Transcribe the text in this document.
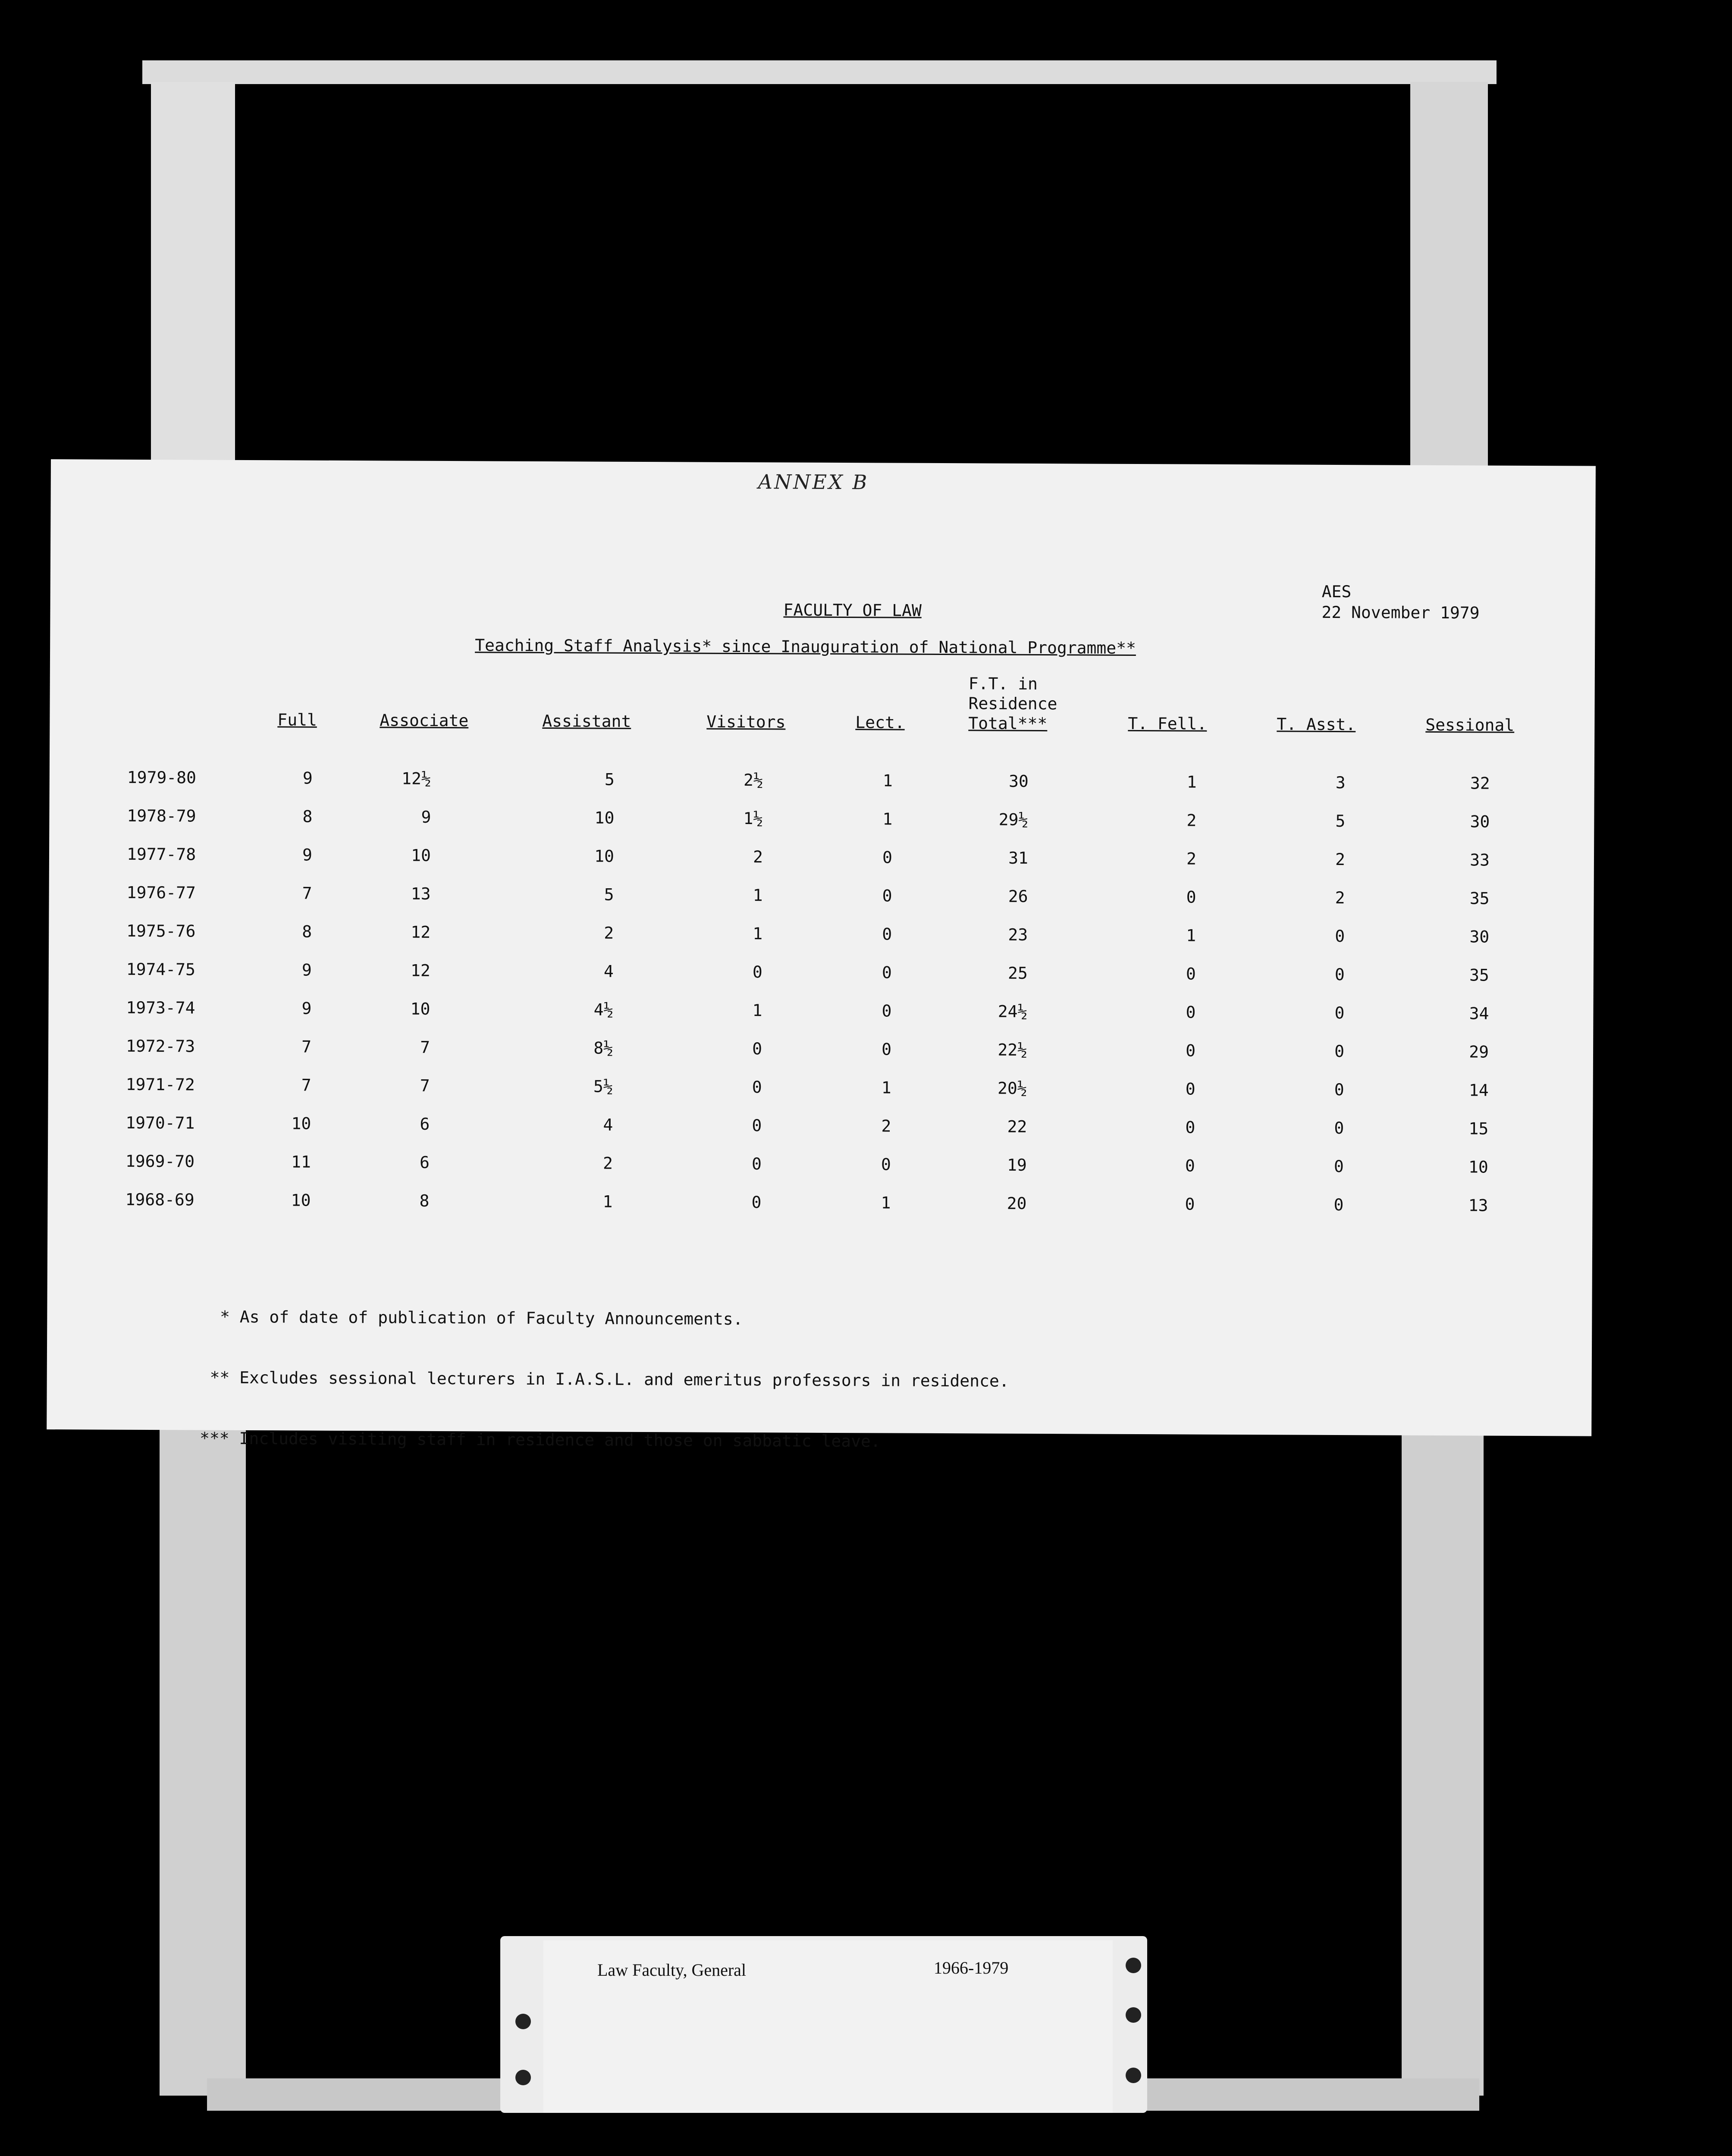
ANNEX B
AES
22 November 1979
FACULTY OF LAW
Teaching Staff Analysis* since Inauguration of National Programme**

* As of date of publication of Faculty Announcements.

** Excludes sessional lecturers in I.A.S.L. and emeritus professors in residence.

*** Includes visiting staff in residence and those on sabbatic leave.

Full	Associate	Assistant	Visitors	Lect.
F.T. in
Residence
Total***	T. Fell.	T. Asst.	Sessional
1979-80	9	12½	5	2½	1	30	1	3	32
1978-79	8	9	10	1½	1	29½	2	5	30
1977-78	9	10	10	2	0	31	2	2	33
1976-77	7	13	5	1	0	26	0	2	35
1975-76	8	12	2	1	0	23	1	0	30
1974-75	9	12	4	0	0	25	0	0	35
1973-74	9	10	4½	1	0	24½	0	0	34
1972-73	7	7	8½	0	0	22½	0	0	29
1971-72	7	7	5½	0	1	20½	0	0	14
1970-71	10	6	4	0	2	22	0	0	15
1969-70	11	6	2	0	0	19	0	0	10
1968-69	10	8	1	0	1	20	0	0	13
Law Faculty, General	1966-1979
